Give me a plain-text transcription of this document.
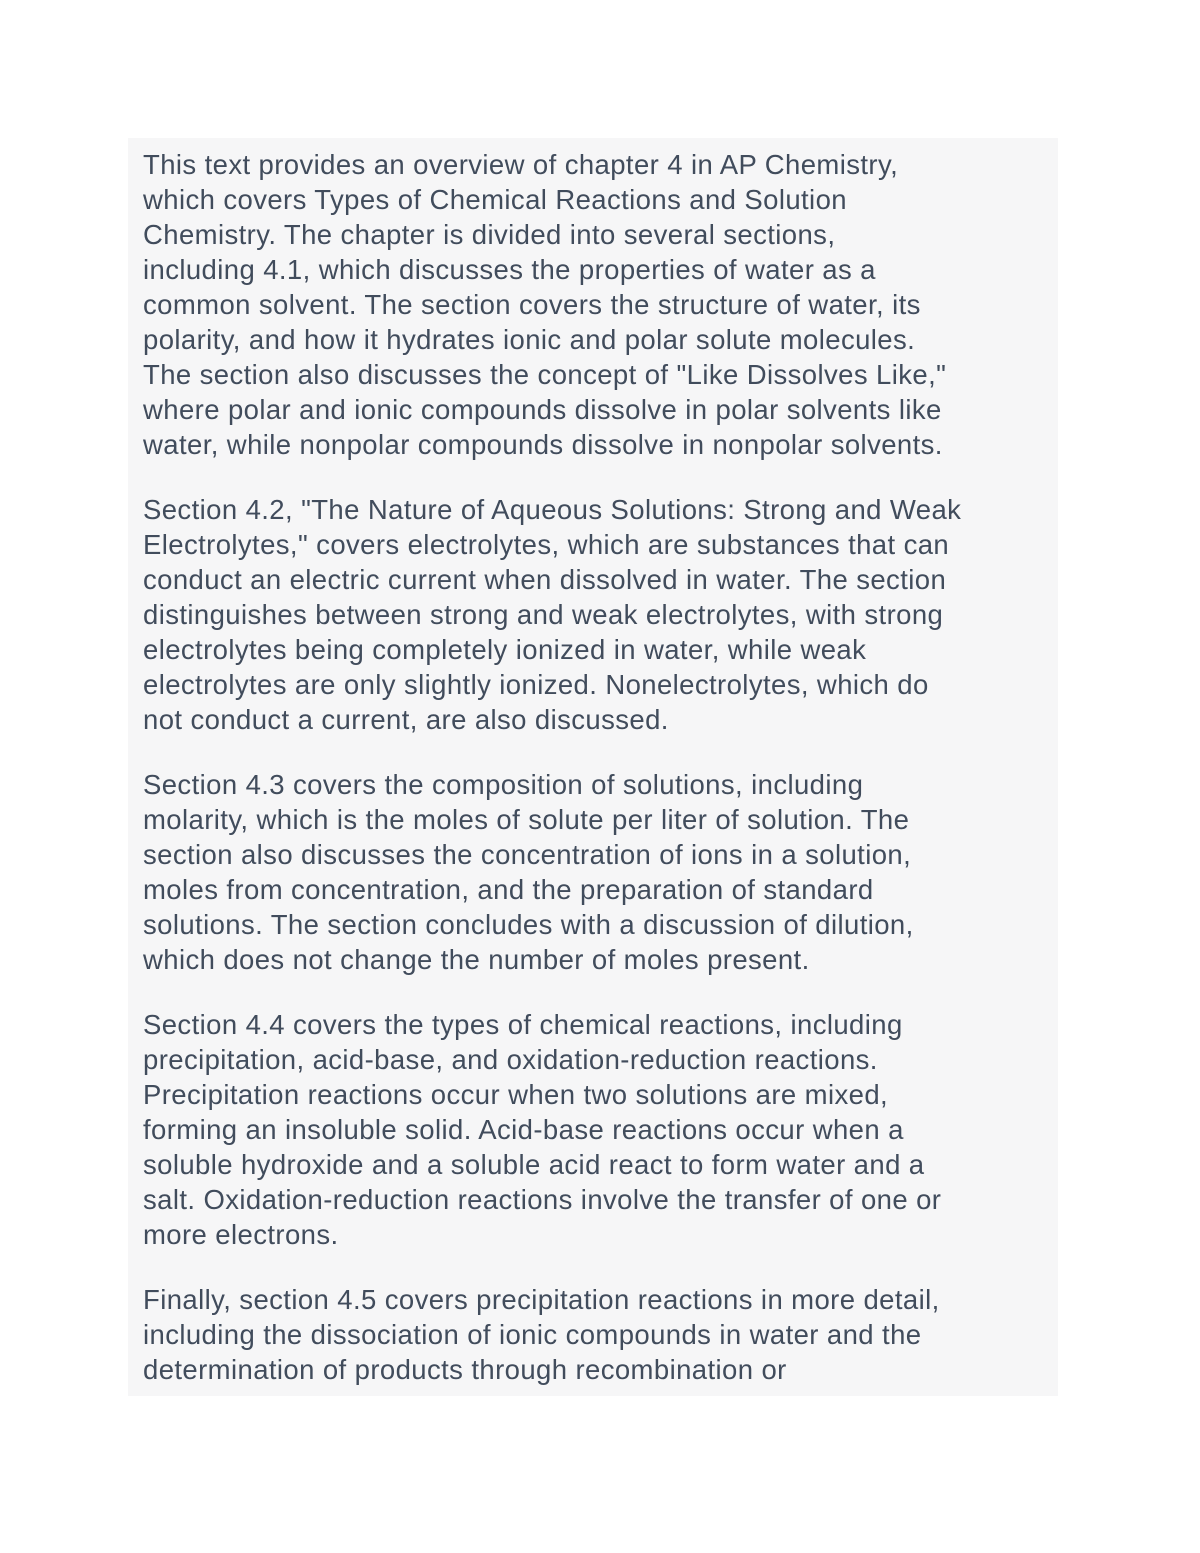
This text provides an overview of chapter 4 in AP Chemistry,
which covers Types of Chemical Reactions and Solution
Chemistry. The chapter is divided into several sections,
including 4.1, which discusses the properties of water as a
common solvent. The section covers the structure of water, its
polarity, and how it hydrates ionic and polar solute molecules.
The section also discusses the concept of "Like Dissolves Like,"
where polar and ionic compounds dissolve in polar solvents like
water, while nonpolar compounds dissolve in nonpolar solvents.

Section 4.2, "The Nature of Aqueous Solutions: Strong and Weak
Electrolytes," covers electrolytes, which are substances that can
conduct an electric current when dissolved in water. The section
distinguishes between strong and weak electrolytes, with strong
electrolytes being completely ionized in water, while weak
electrolytes are only slightly ionized. Nonelectrolytes, which do
not conduct a current, are also discussed.

Section 4.3 covers the composition of solutions, including
molarity, which is the moles of solute per liter of solution. The
section also discusses the concentration of ions in a solution,
moles from concentration, and the preparation of standard
solutions. The section concludes with a discussion of dilution,
which does not change the number of moles present.

Section 4.4 covers the types of chemical reactions, including
precipitation, acid-base, and oxidation-reduction reactions.
Precipitation reactions occur when two solutions are mixed,
forming an insoluble solid. Acid-base reactions occur when a
soluble hydroxide and a soluble acid react to form water and a
salt. Oxidation-reduction reactions involve the transfer of one or
more electrons.

Finally, section 4.5 covers precipitation reactions in more detail,
including the dissociation of ionic compounds in water and the
determination of products through recombination or
